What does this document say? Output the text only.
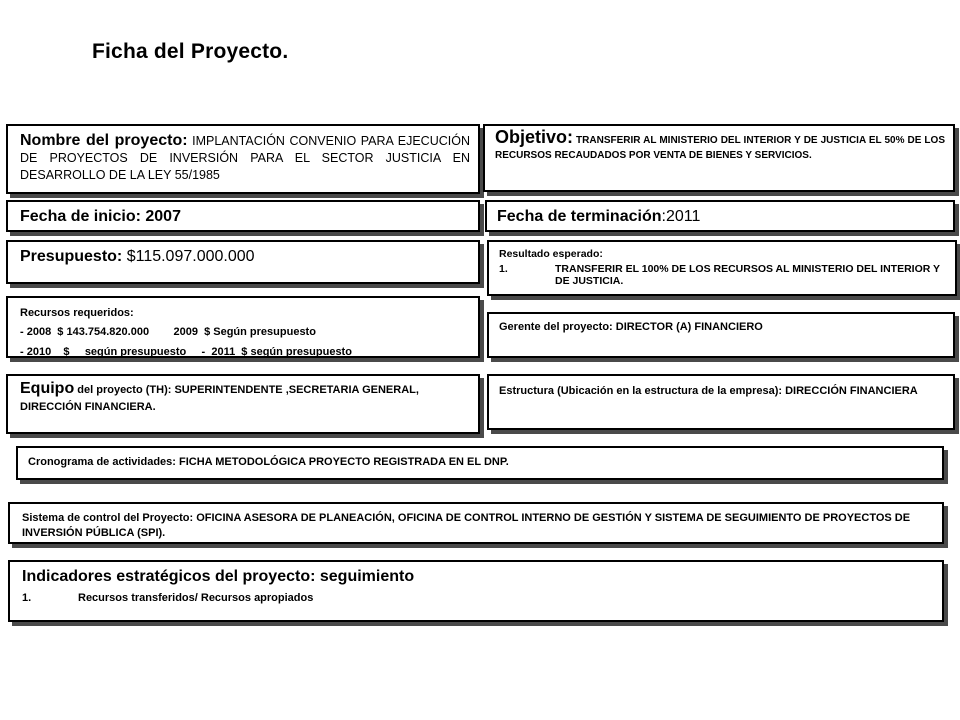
Ficha del Proyecto.
Nombre del proyecto: IMPLANTACIÓN CONVENIO PARA EJECUCIÓN DE PROYECTOS DE INVERSIÓN PARA EL SECTOR JUSTICIA EN DESARROLLO DE LA LEY 55/1985
Objetivo: TRANSFERIR AL MINISTERIO DEL INTERIOR Y DE JUSTICIA EL 50% DE LOS RECURSOS RECAUDADOS POR VENTA DE BIENES Y SERVICIOS.
Fecha de inicio: 2007	Fecha de terminación:2011
Presupuesto: $115.097.000.000	Resultado esperado:
1.	TRANSFERIR EL 100% DE LOS RECURSOS AL MINISTERIO DEL INTERIOR Y DE JUSTICIA.
Recursos requeridos:
- 2008  $ 143.754.820.000        2009  $ Según presupuesto
- 2010    $     según presupuesto     -  2011  $ según presupuesto
Gerente del proyecto: DIRECTOR (A) FINANCIERO
Equipo del proyecto (TH): SUPERINTENDENTE ,SECRETARIA GENERAL, DIRECCIÓN FINANCIERA.
Estructura (Ubicación en la estructura de la empresa): DIRECCIÓN FINANCIERA
Cronograma de actividades: FICHA METODOLÓGICA PROYECTO REGISTRADA EN EL DNP.
Sistema de control del Proyecto: OFICINA ASESORA DE PLANEACIÓN, OFICINA DE CONTROL INTERNO DE GESTIÓN Y SISTEMA DE SEGUIMIENTO DE PROYECTOS DE INVERSIÓN PÚBLICA (SPI).
Indicadores estratégicos del proyecto: seguimiento
1.	Recursos transferidos/ Recursos apropiados
